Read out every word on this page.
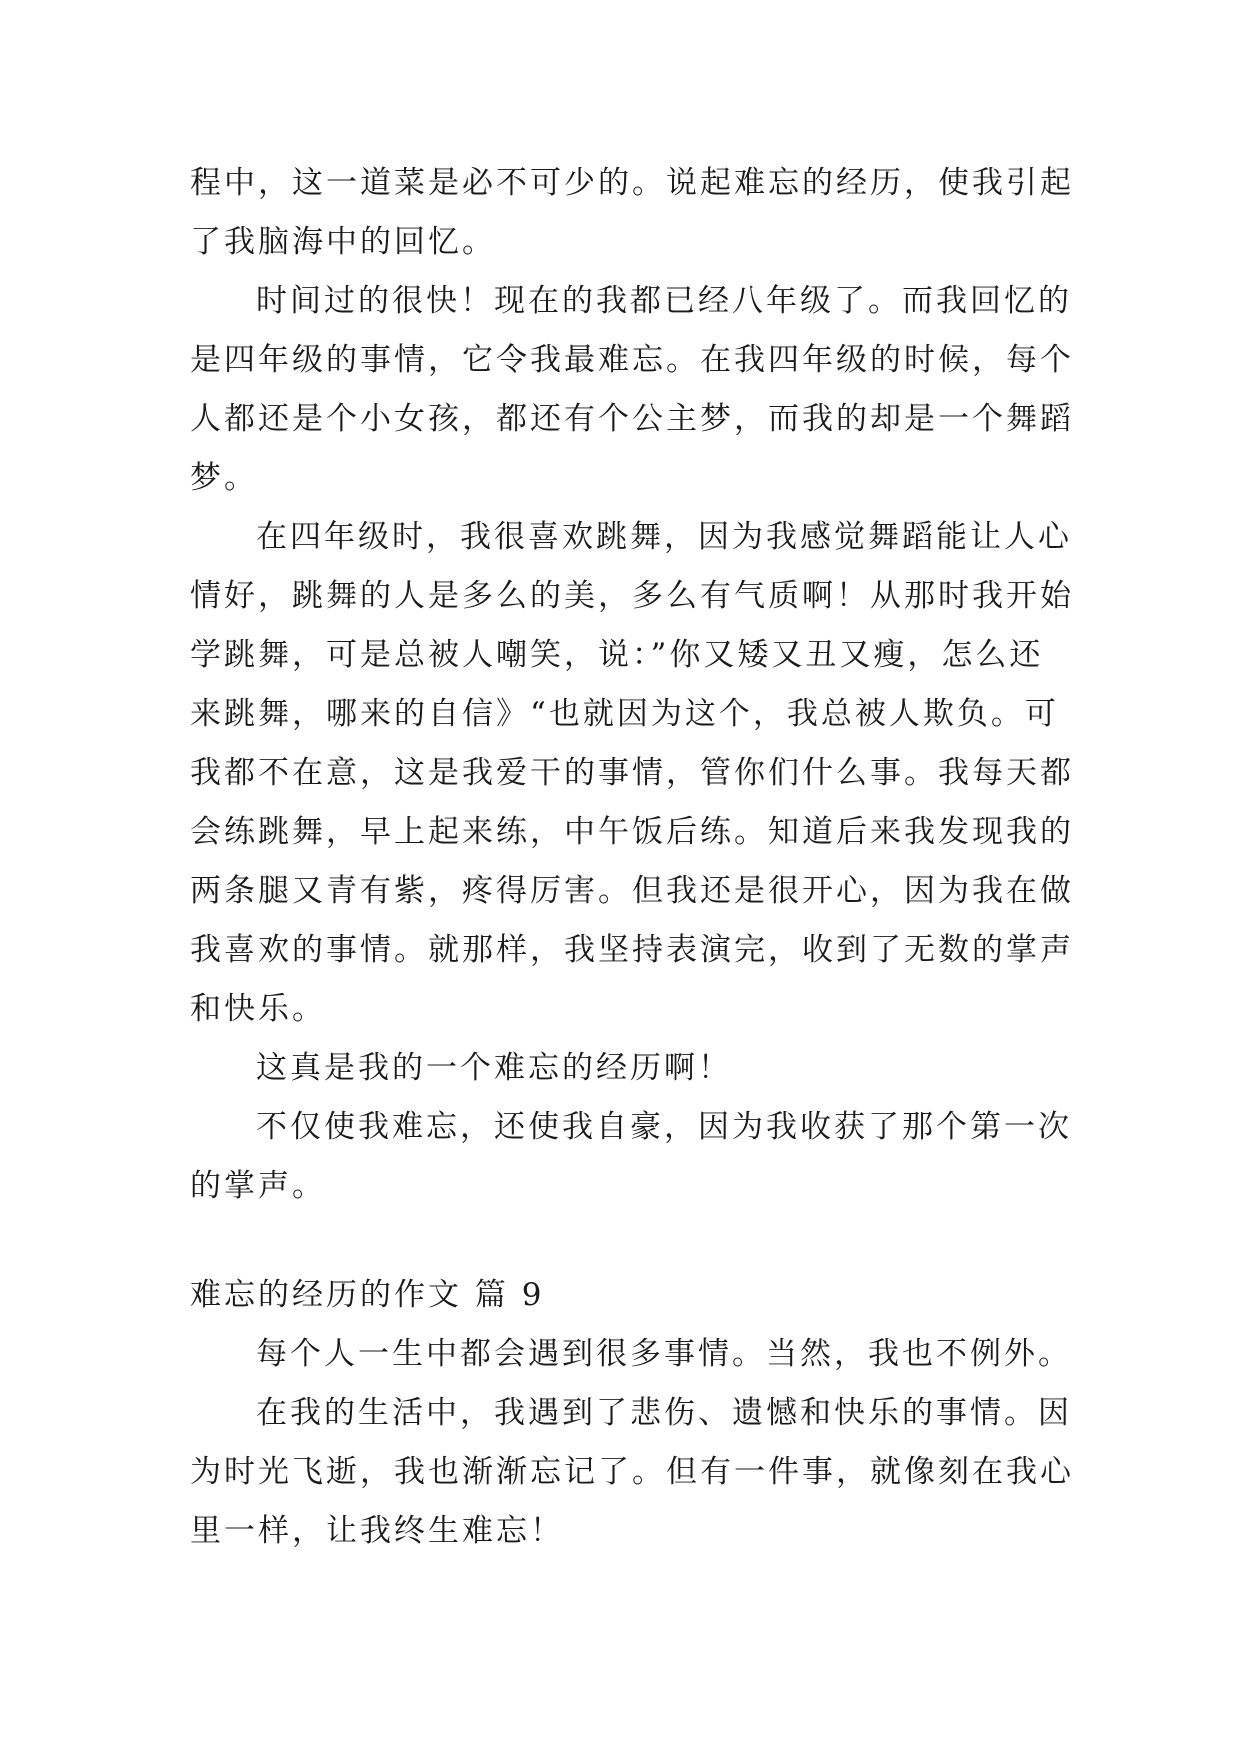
程中，这一道菜是必不可少的。说起难忘的经历，使我引起
了我脑海中的回忆。
时间过的很快！现在的我都已经八年级了。而我回忆的
是四年级的事情，它令我最难忘。在我四年级的时候，每个
人都还是个小女孩，都还有个公主梦，而我的却是一个舞蹈
梦。
在四年级时，我很喜欢跳舞，因为我感觉舞蹈能让人心
情好，跳舞的人是多么的美，多么有气质啊！从那时我开始
学跳舞，可是总被人嘲笑，说：”你又矮又丑又瘦，怎么还
来跳舞，哪来的自信》“也就因为这个，我总被人欺负。可
我都不在意，这是我爱干的事情，管你们什么事。我每天都
会练跳舞，早上起来练，中午饭后练。知道后来我发现我的
两条腿又青有紫，疼得厉害。但我还是很开心，因为我在做
我喜欢的事情。就那样，我坚持表演完，收到了无数的掌声
和快乐。
这真是我的一个难忘的经历啊！
不仅使我难忘，还使我自豪，因为我收获了那个第一次
的掌声。
难忘的经历的作文 篇 9
每个人一生中都会遇到很多事情。当然，我也不例外。
在我的生活中，我遇到了悲伤、遗憾和快乐的事情。因
为时光飞逝，我也渐渐忘记了。但有一件事，就像刻在我心
里一样，让我终生难忘！
